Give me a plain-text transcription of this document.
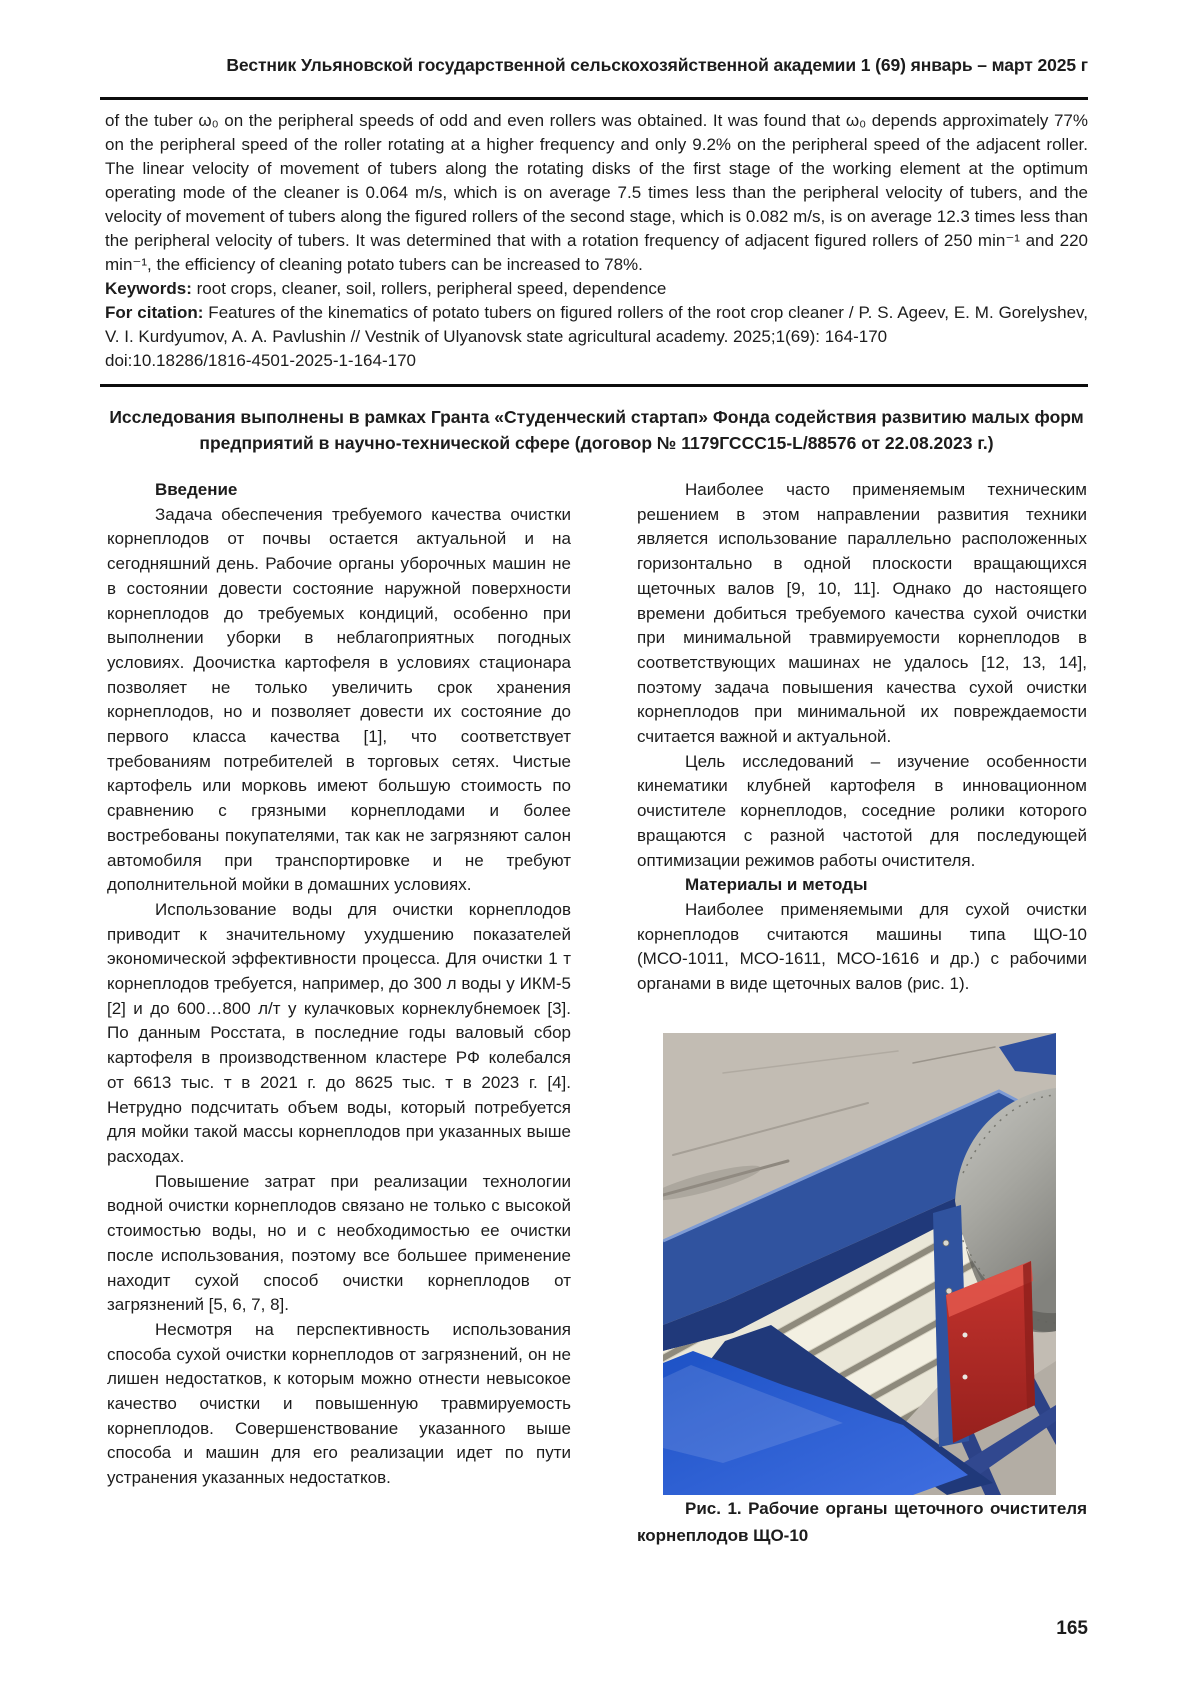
Вестник Ульяновской государственной сельскохозяйственной академии 1 (69) январь – март 2025 г

of the tuber ω₀ on the peripheral speeds of odd and even rollers was obtained. It was found that ω₀ depends approximately 77% on the peripheral speed of the roller rotating at a higher frequency and only 9.2% on the peripheral speed of the adjacent roller. The linear velocity of movement of tubers along the rotating disks of the first stage of the working element at the optimum operating mode of the cleaner is 0.064 m/s, which is on average 7.5 times less than the peripheral velocity of tubers, and the velocity of movement of tubers along the figured rollers of the second stage, which is 0.082 m/s, is on average 12.3 times less than the peripheral velocity of tubers. It was determined that with a rotation frequency of adjacent figured rollers of 250 min⁻¹ and 220 min⁻¹, the efficiency of cleaning potato tubers can be increased to 78%.

Keywords: root crops, cleaner, soil, rollers, peripheral speed, dependence

For citation: Features of the kinematics of potato tubers on figured rollers of the root crop cleaner / P. S. Ageev, E. M. Gorelyshev, V. I. Kurdyumov, A. A. Pavlushin // Vestnik of Ulyanovsk state agricultural academy. 2025;1(69): 164-170

doi:10.18286/1816-4501-2025-1-164-170

Исследования выполнены в рамках Гранта «Студенческий стартап» Фонда содействия развитию малых форм предприятий в научно-технической сфере (договор № 1179ГССС15-L/88576 от 22.08.2023 г.)
Введение

Задача обеспечения требуемого качества очистки корнеплодов от почвы остается актуальной и на сегодняшний день. Рабочие органы уборочных машин не в состоянии довести состояние наружной поверхности корнеплодов до требуемых кондиций, особенно при выполнении уборки в неблагоприятных погодных условиях. Доочистка картофеля в условиях стационара позволяет не только увеличить срок хранения корнеплодов, но и позволяет довести их состояние до первого класса качества [1], что соответствует требованиям потребителей в торговых сетях. Чистые картофель или морковь имеют большую стоимость по сравнению с грязными корнеплодами и более востребованы покупателями, так как не загрязняют салон автомобиля при транспортировке и не требуют дополнительной мойки в домашних условиях.

Использование воды для очистки корнеплодов приводит к значительному ухудшению показателей экономической эффективности процесса. Для очистки 1 т корнеплодов требуется, например, до 300 л воды у ИКМ-5 [2] и до 600…800 л/т у кулачковых корнеклубнемоек [3]. По данным Росстата, в последние годы валовый сбор картофеля в производственном кластере РФ колебался от 6613 тыс. т в 2021 г. до 8625 тыс. т в 2023 г. [4]. Нетрудно подсчитать объем воды, который потребуется для мойки такой массы корнеплодов при указанных выше расходах.

Повышение затрат при реализации технологии водной очистки корнеплодов связано не только с высокой стоимостью воды, но и с необходимостью ее очистки после использования, поэтому все большее применение находит сухой способ очистки корнеплодов от загрязнений [5, 6, 7, 8].

Несмотря на перспективность использования способа сухой очистки корнеплодов от загрязнений, он не лишен недостатков, к которым можно отнести невысокое качество очистки и повышенную травмируемость корнеплодов. Совершенствование указанного выше способа и машин для его реализации идет по пути устранения указанных недостатков.

Наиболее часто применяемым техническим решением в этом направлении развития техники является использование параллельно расположенных горизонтально в одной плоскости вращающихся щеточных валов [9, 10, 11]. Однако до настоящего времени добиться требуемого качества сухой очистки при минимальной травмируемости корнеплодов в соответствующих машинах не удалось [12, 13, 14], поэтому задача повышения качества сухой очистки корнеплодов при минимальной их повреждаемости считается важной и актуальной.

Цель исследований – изучение особенности кинематики клубней картофеля в инновационном очистителе корнеплодов, соседние ролики которого вращаются с разной частотой для последующей оптимизации режимов работы очистителя.

Материалы и методы

Наиболее применяемыми для сухой очистки корнеплодов считаются машины типа ЩО-10 (МСО-1011, МСО-1611, МСО-1616 и др.) с рабочими органами в виде щеточных валов (рис. 1).

Рис. 1. Рабочие органы щеточного очистителя корнеплодов ЩО-10

165
